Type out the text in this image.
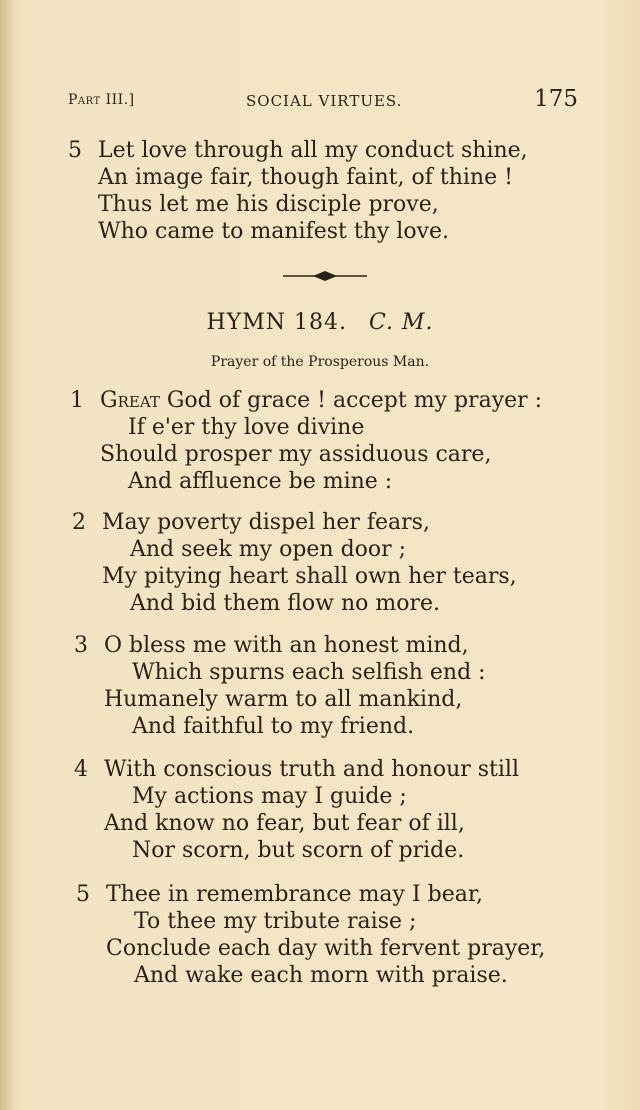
Part III.]	SOCIAL VIRTUES.	175
5 Let love through all my conduct shine,
An image fair, though faint, of thine !
Thus let me his disciple prove,
Who came to manifest thy love.
HYMN 184. C. M.
Prayer of the Prosperous Man.
1 Great God of grace ! accept my prayer :
If e'er thy love divine
Should prosper my assiduous care,
And affluence be mine :
2 May poverty dispel her fears,
And seek my open door ;
My pitying heart shall own her tears,
And bid them flow no more.
3 O bless me with an honest mind,
Which spurns each selfish end :
Humanely warm to all mankind,
And faithful to my friend.
4 With conscious truth and honour still
My actions may I guide ;
And know no fear, but fear of ill,
Nor scorn, but scorn of pride.
5 Thee in remembrance may I bear,
To thee my tribute raise ;
Conclude each day with fervent prayer,
And wake each morn with praise.
